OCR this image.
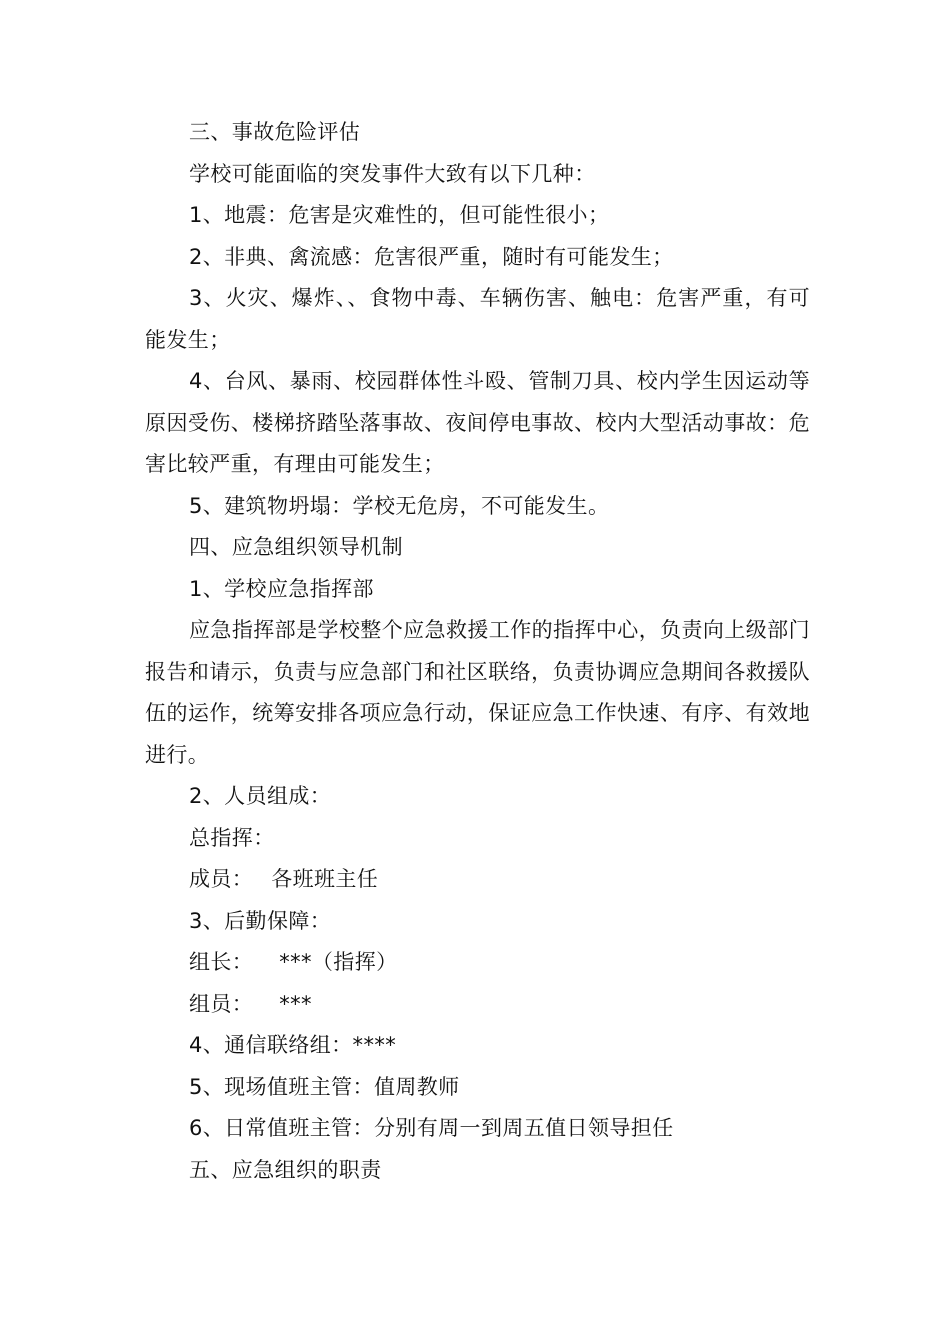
三、事故危险评估

学校可能面临的突发事件大致有以下几种：

1、地震：危害是灾难性的，但可能性很小；

2、非典、禽流感：危害很严重，随时有可能发生；

3、火灾、爆炸、、食物中毒、车辆伤害、触电：危害严重，有可能发生；

4、台风、暴雨、校园群体性斗殴、管制刀具、校内学生因运动等原因受伤、楼梯挤踏坠落事故、夜间停电事故、校内大型活动事故：危害比较严重，有理由可能发生；

5、建筑物坍塌：学校无危房，不可能发生。

四、应急组织领导机制

1、学校应急指挥部

应急指挥部是学校整个应急救援工作的指挥中心，负责向上级部门报告和请示，负责与应急部门和社区联络，负责协调应急期间各救援队伍的运作，统筹安排各项应急行动，保证应急工作快速、有序、有效地进行。

2、人员组成：

总指挥：

成员： 各班班主任

3、后勤保障：

组长： ***（指挥）

组员： ***

4、通信联络组：****

5、现场值班主管：值周教师

6、日常值班主管：分别有周一到周五值日领导担任

五、应急组织的职责
